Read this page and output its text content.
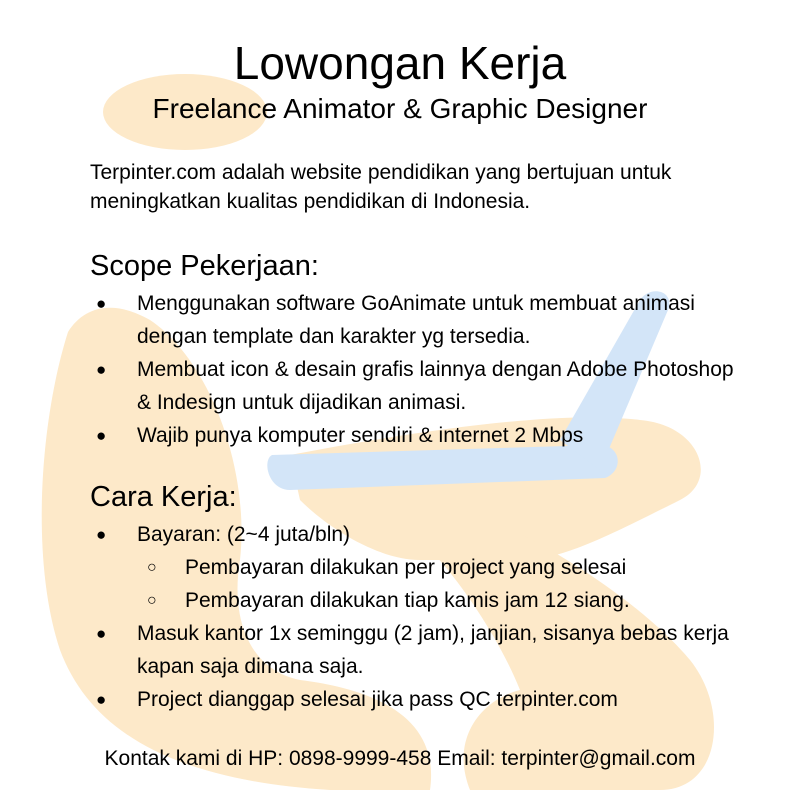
Lowongan Kerja
Freelance Animator & Graphic Designer

Terpinter.com adalah website pendidikan yang bertujuan untuk meningkatkan kualitas pendidikan di Indonesia.

Scope Pekerjaan:
● Menggunakan software GoAnimate untuk membuat animasi dengan template dan karakter yg tersedia.
● Membuat icon & desain grafis lainnya dengan Adobe Photoshop & Indesign untuk dijadikan animasi.
● Wajib punya komputer sendiri & internet 2 Mbps
Cara Kerja:
● Bayaran: (2~4 juta/bln)
○ Pembayaran dilakukan per project yang selesai
○ Pembayaran dilakukan tiap kamis jam 12 siang.
● Masuk kantor 1x seminggu (2 jam), janjian, sisanya bebas kerja kapan saja dimana saja.
● Project dianggap selesai jika pass QC terpinter.com

Kontak kami di HP: 0898-9999-458 Email: terpinter@gmail.com
